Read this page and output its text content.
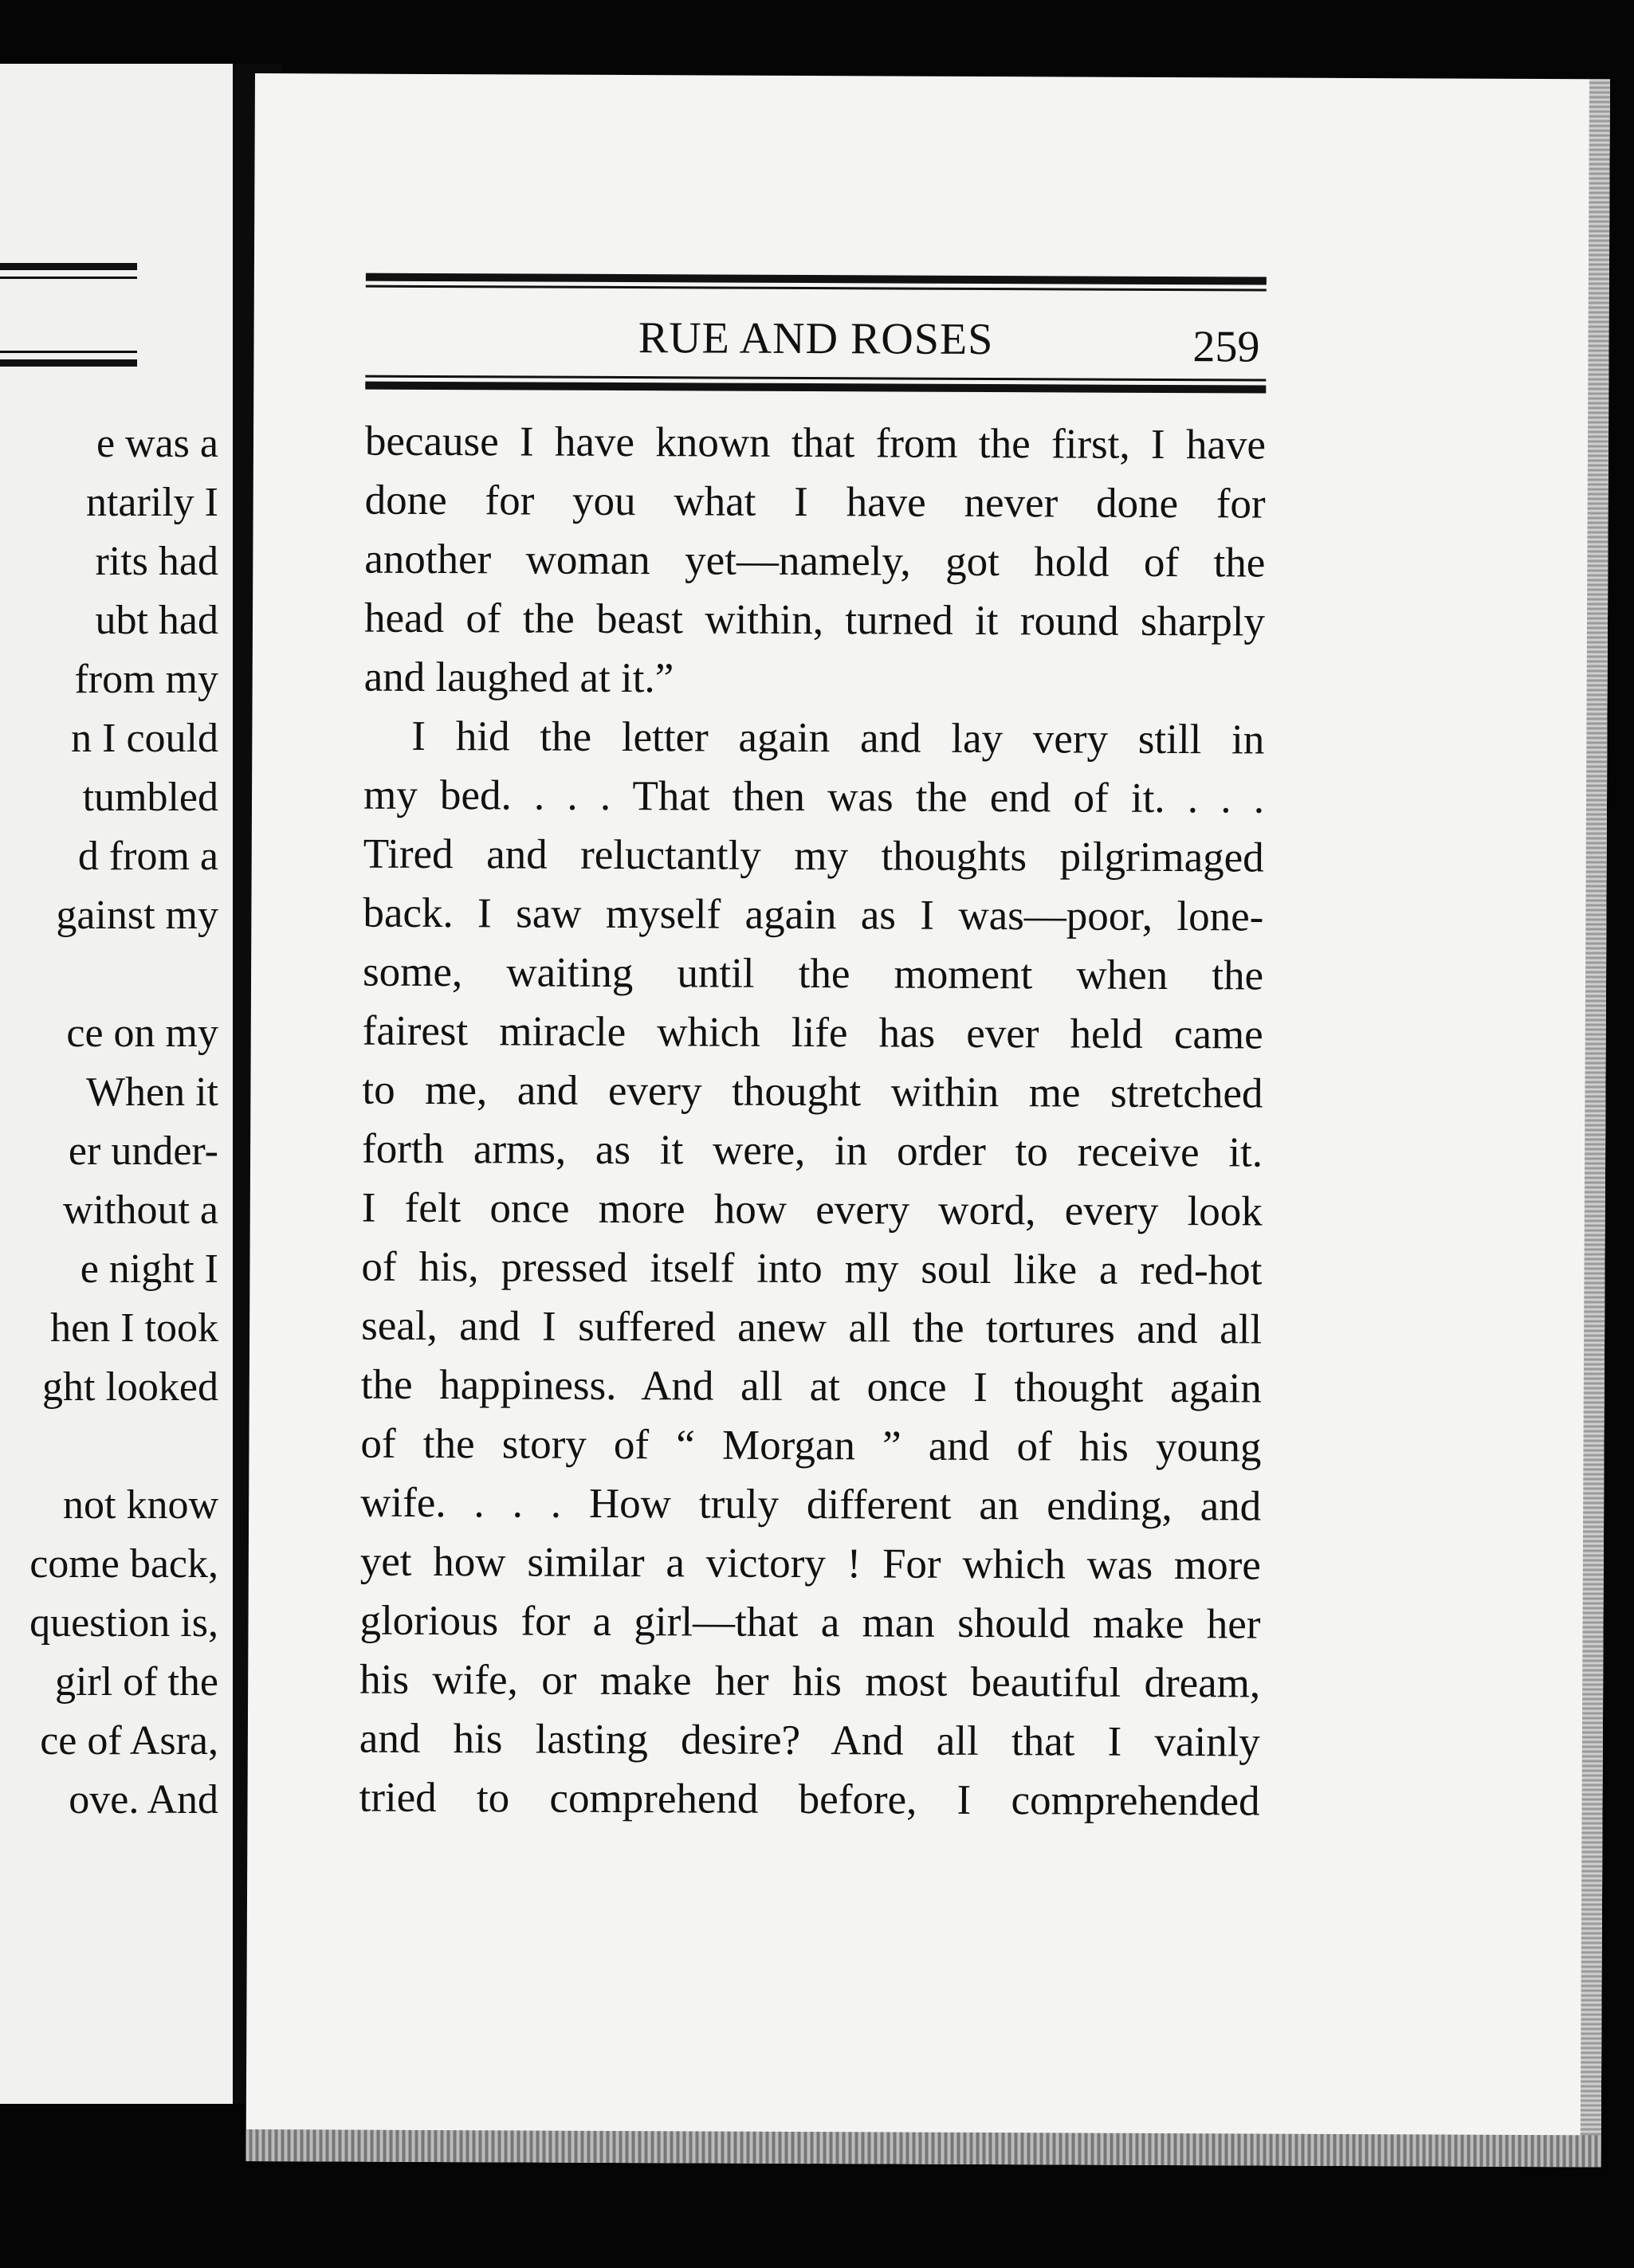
e was a
ntarily I
rits had
ubt had
from my
n I could
tumbled
d from a
gainst my
ce on my
When it
er under-
without a
e night I
hen I took
ght looked
not know
come back,
question is,
girl of the
ce of Asra,
ove. And
RUE AND ROSES	259
because I have known that from the first, I have
done for you what I have never done for
another woman yet—namely, got hold of the
head of the beast within, turned it round sharply
and laughed at it.”
I hid the letter again and lay very still in
my bed. . . . That then was the end of it. . . .
Tired and reluctantly my thoughts pilgrimaged
back. I saw myself again as I was—poor, lone-
some, waiting until the moment when the
fairest miracle which life has ever held came
to me, and every thought within me stretched
forth arms, as it were, in order to receive it.
I felt once more how every word, every look
of his, pressed itself into my soul like a red-hot
seal, and I suffered anew all the tortures and all
the happiness. And all at once I thought again
of the story of “ Morgan ” and of his young
wife. . . . How truly different an ending, and
yet how similar a victory ! For which was more
glorious for a girl—that a man should make her
his wife, or make her his most beautiful dream,
and his lasting desire? And all that I vainly
tried to comprehend before, I comprehended
